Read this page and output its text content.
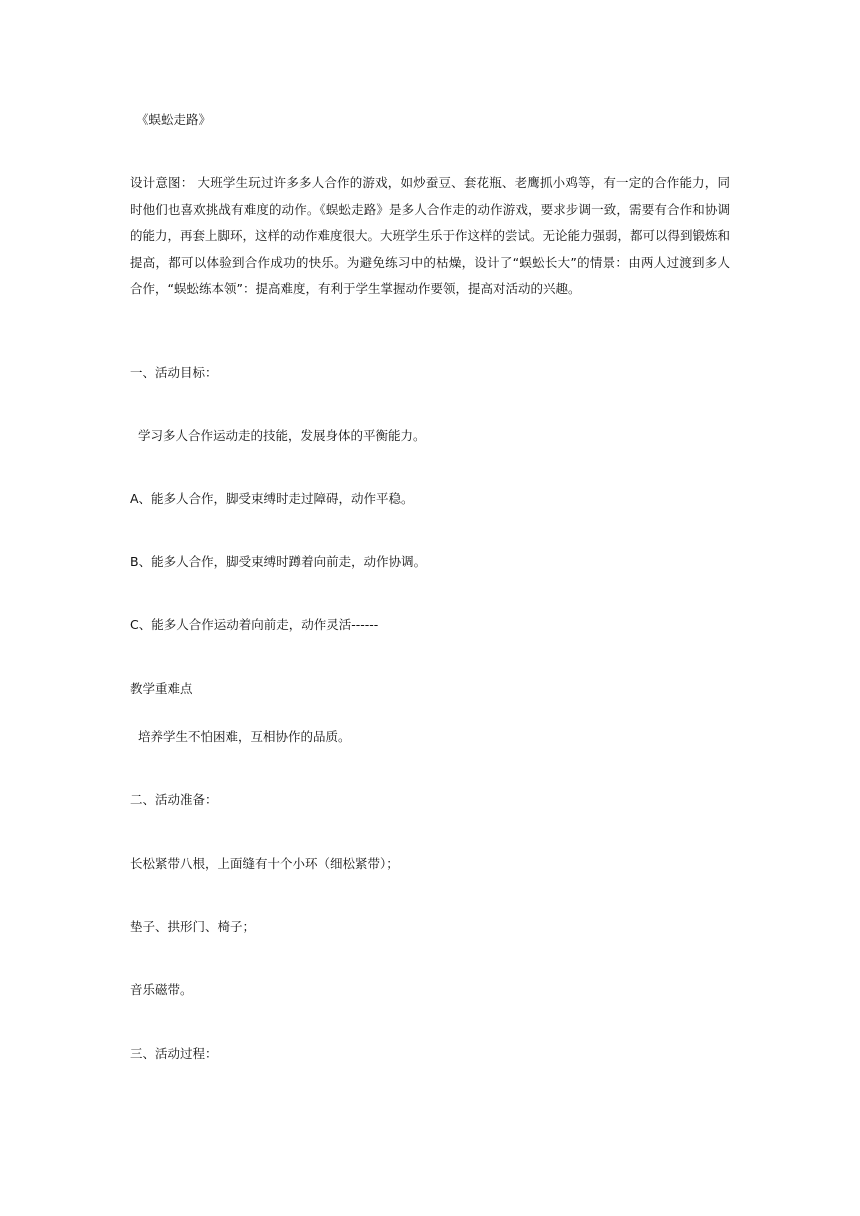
《蜈蚣走路》
设计意图： 大班学生玩过许多多人合作的游戏，如炒蚕豆、套花瓶、老鹰抓小鸡等，有一定的合作能力，同时他们也喜欢挑战有难度的动作。《蜈蚣走路》是多人合作走的动作游戏，要求步调一致，需要有合作和协调的能力，再套上脚环，这样的动作难度很大。大班学生乐于作这样的尝试。无论能力强弱，都可以得到锻炼和提高，都可以体验到合作成功的快乐。为避免练习中的枯燥，设计了“蜈蚣长大”的情景：由两人过渡到多人合作，“蜈蚣练本领”：提高难度，有利于学生掌握动作要领，提高对活动的兴趣。
一、活动目标：
学习多人合作运动走的技能，发展身体的平衡能力。
A、能多人合作，脚受束缚时走过障碍，动作平稳。
B、能多人合作，脚受束缚时蹲着向前走，动作协调。
C、能多人合作运动着向前走，动作灵活------
教学重难点
培养学生不怕困难，互相协作的品质。
二、活动准备：
长松紧带八根，上面缝有十个小环（细松紧带）；
垫子、拱形门、椅子；
音乐磁带。
三、活动过程：
